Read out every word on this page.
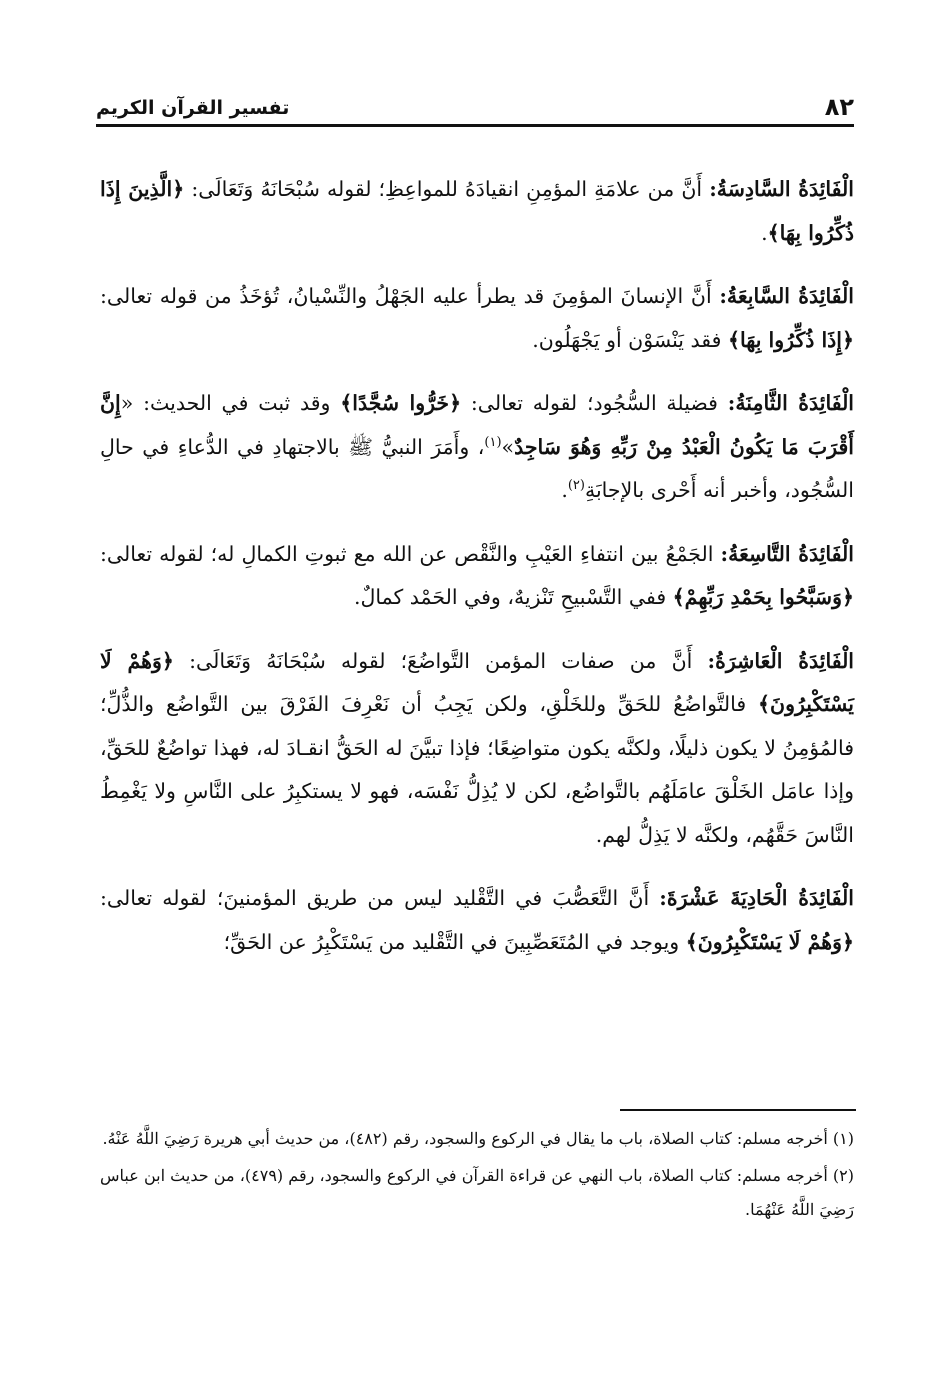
٨٢
تفسير القرآن الكريم

الْفَائِدَةُ السَّادِسَةُ: أَنَّ من علامَةِ المؤمِنِ انقيادَهُ للمواعِظِ؛ لقوله سُبْحَانَهُ وَتَعَالَى: ﴿الَّذِينَ إِذَا ذُكِّرُوا بِهَا﴾.

الْفَائِدَةُ السَّابِعَةُ: أَنَّ الإنسانَ المؤمِنَ قد يطرأ عليه الجَهْلُ والنِّسْيانُ، تُؤخَذُ من قوله تعالى: ﴿إِذَا ذُكِّرُوا بِهَا﴾ فقد يَنْسَوْن أو يَجْهَلُون.

الْفَائِدَةُ الثَّامِنَةُ: فضيلة السُّجُود؛ لقوله تعالى: ﴿خَرُّوا سُجَّدًا﴾ وقد ثبت في الحديث: «إِنَّ أَقْرَبَ مَا يَكُونُ الْعَبْدُ مِنْ رَبِّهِ وَهُوَ سَاجِدٌ»$^{(١)}$، وأَمَرَ النبيُّ ﷺ بالاجتهادِ في الدُّعاءِ في حالِ السُّجُود، وأخبر أنه أَحْرى بالإجابَةِ$^{(٢)}$.

الْفَائِدَةُ التَّاسِعَةُ: الجَمْعُ بين انتفاءِ العَيْبِ والنَّقْص عن الله مع ثبوتِ الكمالِ له؛ لقوله تعالى: ﴿وَسَبَّحُوا بِحَمْدِ رَبِّهِمْ﴾ ففي التَّسْبيحِ تَنْزيهٌ، وفي الحَمْد كمالٌ.

الْفَائِدَةُ الْعَاشِرَةُ: أَنَّ من صفات المؤمن التَّواضُعَ؛ لقوله سُبْحَانَهُ وَتَعَالَى: ﴿وَهُمْ لَا يَسْتَكْبِرُونَ﴾ فالتَّواضُعُ للحَقِّ وللخَلْقِ، ولكن يَجِبُ أن نَعْرِفَ الفَرْقَ بين التَّواضُع والذُّلِّ؛ فالمُؤمِنُ لا يكون ذليلًا، ولكنَّه يكون متواضِعًا؛ فإذا تبيَّنَ له الحَقُّ انقـادَ له، فهذا تواضُعٌ للحَقِّ، وإذا عامَل الخَلْقَ عامَلَهُم بالتَّواضُع، لكن لا يُذِلُّ نَفْسَه، فهو لا يستكبِرُ على النَّاسِ ولا يَغْمِطُ النَّاسَ حَقَّهُم، ولكنَّه لا يَذِلُّ لهم.

الْفَائِدَةُ الْحَادِيَةَ عَشْرَةَ: أَنَّ التَّعَصُّبَ في التَّقْليد ليس من طريق المؤمنينَ؛ لقوله تعالى: ﴿وَهُمْ لَا يَسْتَكْبِرُونَ﴾ ويوجد في المُتَعَصِّبِينَ في التَّقْليد من يَسْتَكْبِرُ عن الحَقِّ؛

(١) أخرجه مسلم: كتاب الصلاة، باب ما يقال في الركوع والسجود، رقم (٤٨٢)، من حديث أبي هريرة رَضِيَ اللَّهُ عَنْهُ.

(٢) أخرجه مسلم: كتاب الصلاة، باب النهي عن قراءة القرآن في الركوع والسجود، رقم (٤٧٩)، من حديث ابن عباس رَضِيَ اللَّهُ عَنْهُمَا.
